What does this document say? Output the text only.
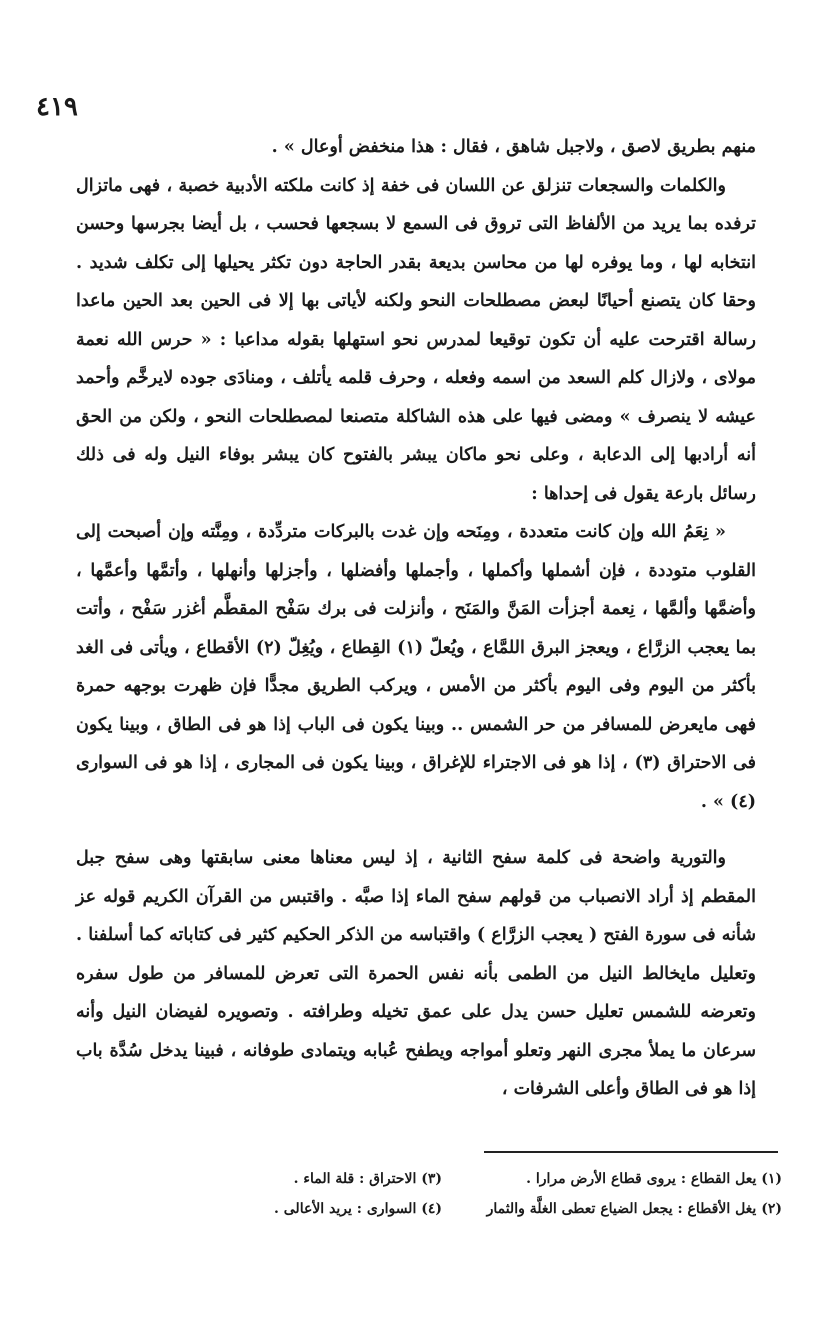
٤١٩

منهم بطريق لاصق ، ولاجبل شاهق ، فقال : هذا منخفض أوعال » .

والكلمات والسجعات تنزلق عن اللسان فى خفة إذ كانت ملكته الأدبية خصبة ، فهى ماتزال ترفده بما يريد من الألفاظ التى تروق فى السمع لا بسجعها فحسب ، بل أيضا بجرسها وحسن انتخابه لها ، وما يوفره لها من محاسن بديعة بقدر الحاجة دون تكثر يحيلها إلى تكلف شديد . وحقا كان يتصنع أحيانًا لبعض مصطلحات النحو ولكنه لأياتى بها إلا فى الحين بعد الحين ماعدا رسالة اقترحت عليه أن تكون توقيعا لمدرس نحو استهلها بقوله مداعبا : « حرس الله نعمة مولاى ، ولازال كلم السعد من اسمه وفعله ، وحرف قلمه يأتلف ، ومنادَى جوده لايرخَّم وأحمد عيشه لا ينصرف » ومضى فيها على هذه الشاكلة متصنعا لمصطلحات النحو ، ولكن من الحق أنه أرادبها إلى الدعابة ، وعلى نحو ماكان يبشر بالفتوح كان يبشر بوفاء النيل وله فى ذلك رسائل بارعة يقول فى إحداها :

« نِعَمُ الله وإن كانت متعددة ، ومِنَحه وإن غدت بالبركات متردِّدة ، ومِنَّته وإن أصبحت إلى القلوب متوددة ، فإن أشملها وأكملها ، وأجملها وأفضلها ، وأجزلها وأنهلها ، وأتمَّها وأعمَّها ، وأضمَّها وألمَّها ، نِعمة أجزأت المَنَّ والمَنَح ، وأنزلت فى برك سَفْح المقطَّم أغزر سَفْح ، وأتت بما يعجب الزرَّاع ، ويعجز البرق اللمَّاع ، ويُعلّ (١) القِطاع ، ويُغِلّ (٢) الأقطاع ، ويأتى فى الغد بأكثر من اليوم وفى اليوم بأكثر من الأمس ، ويركب الطريق مجدًّا فإن ظهرت بوجهه حمرة فهى مايعرض للمسافر من حر الشمس .. وبينا يكون فى الباب إذا هو فى الطاق ، وبينا يكون فى الاحتراق (٣) ، إذا هو فى الاجتراء للإغراق ، وبينا يكون فى المجارى ، إذا هو فى السوارى (٤) » .

والتورية واضحة فى كلمة سفح الثانية ، إذ ليس معناها معنى سابقتها وهى سفح جبل المقطم إذ أراد الانصباب من قولهم سفح الماء إذا صبَّه . واقتبس من القرآن الكريم قوله عز شأنه فى سورة الفتح ( يعجب الزرَّاع ) واقتباسه من الذكر الحكيم كثير فى كتاباته كما أسلفنا . وتعليل مايخالط النيل من الطمى بأنه نفس الحمرة التى تعرض للمسافر من طول سفره وتعرضه للشمس تعليل حسن يدل على عمق تخيله وطرافته . وتصويره لفيضان النيل وأنه سرعان ما يملأ مجرى النهر وتعلو أمواجه ويطفح عُبابه ويتمادى طوفانه ، فبينا يدخل سُدَّة باب إذا هو فى الطاق وأعلى الشرفات ،

(١) يعل القطاع : يروى قطاع الأرض مرارا .
(٣) الاحتراق : قلة الماء .
(٢) يغل الأقطاع : يجعل الضياع تعطى الغلَّة والثمار
(٤) السوارى : يريد الأعالى .
